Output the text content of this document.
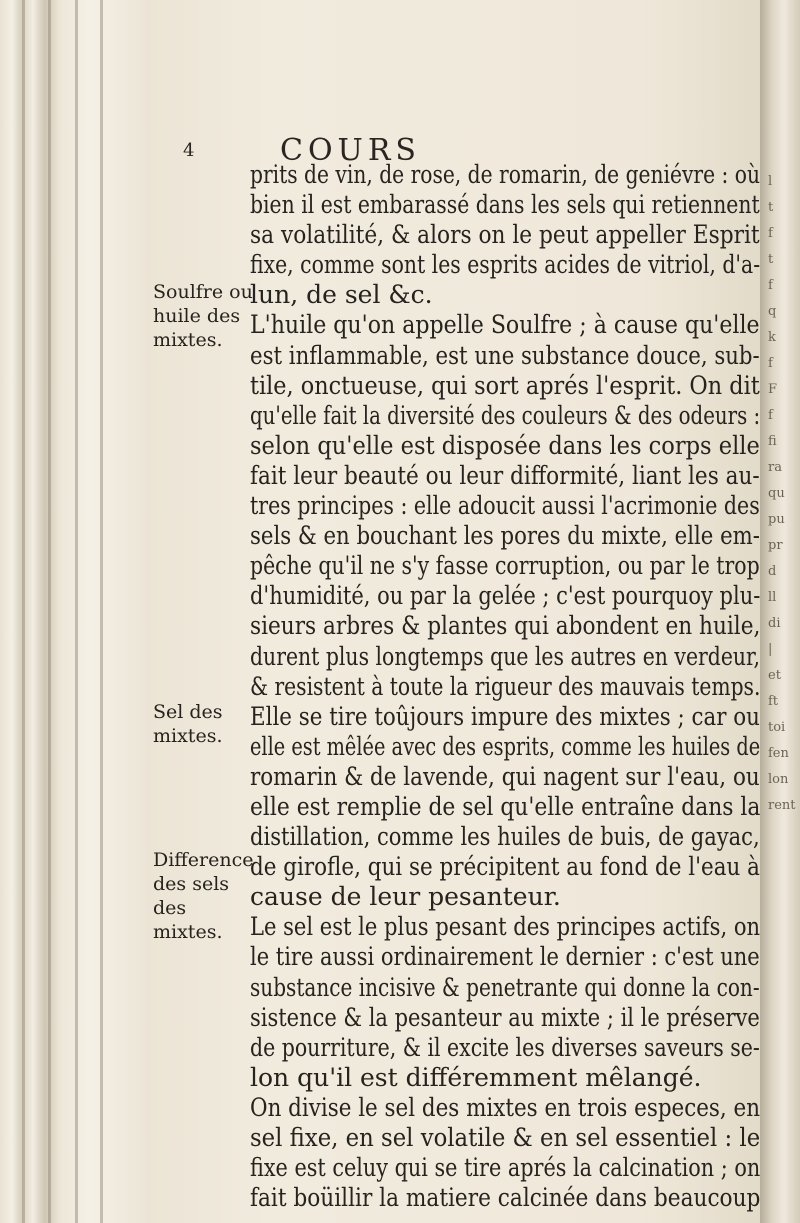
l
t
f
t
f
q
k
f
F
f
fi
ra
qu
pu
pr
d
ll
di
|
et
ft
toi
fen
lon
rent
4	COURS
prits de vin, de rose, de romarin, de geniévre : où
bien il est embarassé dans les sels qui retiennent
sa volatilité, & alors on le peut appeller Esprit
fixe, comme sont les esprits acides de vitriol, d'a-
lun, de sel &c.
L'huile qu'on appelle Soulfre ; à cause qu'elle
est inflammable, est une substance douce, sub-
tile, onctueuse, qui sort aprés l'esprit. On dit
qu'elle fait la diversité des couleurs & des odeurs :
selon qu'elle est disposée dans les corps elle
fait leur beauté ou leur difformité, liant les au-
tres principes : elle adoucit aussi l'acrimonie des
sels & en bouchant les pores du mixte, elle em-
pêche qu'il ne s'y fasse corruption, ou par le trop
d'humidité, ou par la gelée ; c'est pourquoy plu-
sieurs arbres & plantes qui abondent en huile,
durent plus longtemps que les autres en verdeur,
& resistent à toute la rigueur des mauvais temps.
Elle se tire toûjours impure des mixtes ; car ou
elle est mêlée avec des esprits, comme les huiles de
romarin & de lavende, qui nagent sur l'eau, ou
elle est remplie de sel qu'elle entraîne dans la
distillation, comme les huiles de buis, de gayac,
de girofle, qui se précipitent au fond de l'eau à
cause de leur pesanteur.
Le sel est le plus pesant des principes actifs, on
le tire aussi ordinairement le dernier : c'est une
substance incisive & penetrante qui donne la con-
sistence & la pesanteur au mixte ; il le préserve
de pourriture, & il excite les diverses saveurs se-
lon qu'il est différemment mêlangé.
On divise le sel des mixtes en trois especes, en
sel fixe, en sel volatile & en sel essentiel : le
fixe est celuy qui se tire aprés la calcination ; on
fait boüillir la matiere calcinée dans beaucoup
Soulfre ou
huile des
mixtes.
Sel des
mixtes.
Difference
des sels des
mixtes.
